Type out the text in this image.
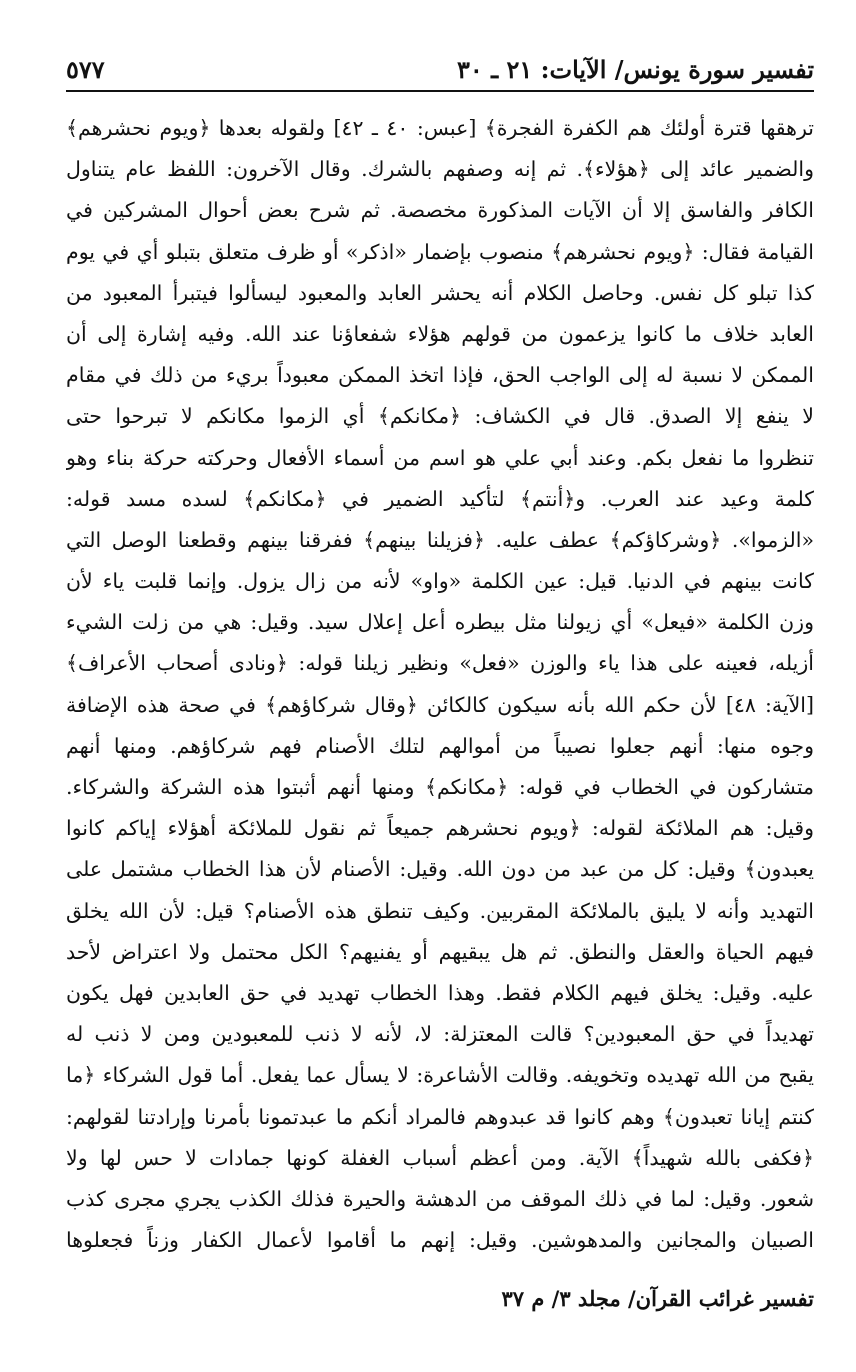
تفسير سورة يونس/ الآيات: ٢١ ـ ٣٠
٥٧٧
ترهقها قترة أولئك هم الكفرة الفجرة﴾ [عبس: ٤٠ ـ ٤٢] ولقوله بعدها ﴿ويوم نحشرهم﴾
والضمير عائد إلى ﴿هؤلاء﴾. ثم إنه وصفهم بالشرك. وقال الآخرون: اللفظ عام يتناول
الكافر والفاسق إلا أن الآيات المذكورة مخصصة. ثم شرح بعض أحوال المشركين في
القيامة فقال: ﴿ويوم نحشرهم﴾ منصوب بإضمار «اذكر» أو ظرف متعلق بتبلو أي في يوم
كذا تبلو كل نفس. وحاصل الكلام أنه يحشر العابد والمعبود ليسألوا فيتبرأ المعبود من
العابد خلاف ما كانوا يزعمون من قولهم هؤلاء شفعاؤنا عند الله. وفيه إشارة إلى أن
الممكن لا نسبة له إلى الواجب الحق، فإذا اتخذ الممكن معبوداً بريء من ذلك في مقام
لا ينفع إلا الصدق. قال في الكشاف: ﴿مكانكم﴾ أي الزموا مكانكم لا تبرحوا حتى
تنظروا ما نفعل بكم. وعند أبي علي هو اسم من أسماء الأفعال وحركته حركة بناء وهو
كلمة وعيد عند العرب. و﴿أنتم﴾ لتأكيد الضمير في ﴿مكانكم﴾ لسده مسد قوله:
«الزموا». ﴿وشركاؤكم﴾ عطف عليه. ﴿فزيلنا بينهم﴾ ففرقنا بينهم وقطعنا الوصل التي
كانت بينهم في الدنيا. قيل: عين الكلمة «واو» لأنه من زال يزول. وإنما قلبت ياء لأن
وزن الكلمة «فيعل» أي زيولنا مثل بيطره أعل إعلال سيد. وقيل: هي من زلت الشيء
أزيله، فعينه على هذا ياء والوزن «فعل» ونظير زيلنا قوله: ﴿ونادى أصحاب الأعراف﴾
[الآية: ٤٨] لأن حكم الله بأنه سيكون كالكائن ﴿وقال شركاؤهم﴾ في صحة هذه الإضافة
وجوه منها: أنهم جعلوا نصيباً من أموالهم لتلك الأصنام فهم شركاؤهم. ومنها أنهم
متشاركون في الخطاب في قوله: ﴿مكانكم﴾ ومنها أنهم أثبتوا هذه الشركة والشركاء.
وقيل: هم الملائكة لقوله: ﴿ويوم نحشرهم جميعاً ثم نقول للملائكة أهؤلاء إياكم كانوا
يعبدون﴾ وقيل: كل من عبد من دون الله. وقيل: الأصنام لأن هذا الخطاب مشتمل على
التهديد وأنه لا يليق بالملائكة المقربين. وكيف تنطق هذه الأصنام؟ قيل: لأن الله يخلق
فيهم الحياة والعقل والنطق. ثم هل يبقيهم أو يفنيهم؟ الكل محتمل ولا اعتراض لأحد
عليه. وقيل: يخلق فيهم الكلام فقط. وهذا الخطاب تهديد في حق العابدين فهل يكون
تهديداً في حق المعبودين؟ قالت المعتزلة: لا، لأنه لا ذنب للمعبودين ومن لا ذنب له
يقبح من الله تهديده وتخويفه. وقالت الأشاعرة: لا يسأل عما يفعل. أما قول الشركاء ﴿ما
كنتم إيانا تعبدون﴾ وهم كانوا قد عبدوهم فالمراد أنكم ما عبدتمونا بأمرنا وإرادتنا لقولهم:
﴿فكفى بالله شهيداً﴾ الآية. ومن أعظم أسباب الغفلة كونها جمادات لا حس لها ولا
شعور. وقيل: لما في ذلك الموقف من الدهشة والحيرة فذلك الكذب يجري مجرى كذب
الصبيان والمجانين والمدهوشين. وقيل: إنهم ما أقاموا لأعمال الكفار وزناً فجعلوها
تفسير غرائب القرآن/ مجلد ٣/ م ٣٧
